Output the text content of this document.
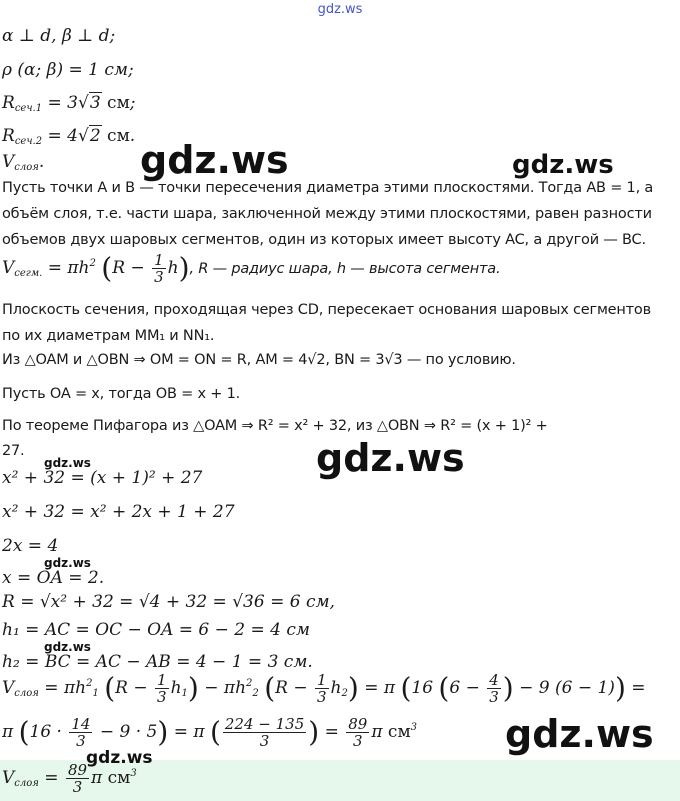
gdz.ws
α ⊥ d, β ⊥ d;
ρ (α; β) = 1 см;
$R_{сеч.1} = 3√3$ см;
$R_{сеч.2} = 4√2$ см.
$V_{слоя}$.
Пусть точки A и B — точки пересечения диаметра этими плоскостями. Тогда AB = 1, а
объём слоя, т.е. части шара, заключенной между этими плоскостями, равен разности
объемов двух шаровых сегментов, один из которых имеет высоту AC, а другой — BC.
$V_{сегм.} = \pi h^2$ $(R - \frac{1}{3} h)$, R — радиус шара, h — высота сегмента.
Плоскость сечения, проходящая через CD, пересекает основания шаровых сегментов
по их диаметрам MM₁ и NN₁.
Из △OAM и △OBN ⇒ OM = ON = R, AM = 4√2, BN = 3√3 — по условию.
Пусть OA = x, тогда OB = x + 1.
По теореме Пифагора из △OAM ⇒ R² = x² + 32, из △OBN ⇒ R² = (x + 1)² +
27.
x² + 32 = (x + 1)² + 27
x² + 32 = x² + 2x + 1 + 27
2x = 4
x = OA = 2.
R = √x² + 32 = √4 + 32 = √36 = 6 см,
h₁ = AC = OC − OA = 6 − 2 = 4 см
h₂ = BC = AC − AB = 4 − 1 = 3 см.
$V_{слоя} = \pi h^2_1$ $(R - \frac{1}{3} h_1) - \pi h^2_2$ $(R - \frac{1}{3} h_2) = \pi$ (16 ($6 - \frac{4}{3}$ ) − 9 (6 − 1)) =
π $(16 \cdot \frac{14}{3} - 9 \cdot 5) = \pi$ ( $\frac{224 - 135}{3}$ ) = $\frac{89}{3}$ π $см^3$
$V_{слоя} = \frac{89}{3}$ π $см^3$
gdz.ws	gdz.ws
gdz.ws
gdz.ws
gdz.ws
gdz.ws
gdz.ws
gdz.ws
